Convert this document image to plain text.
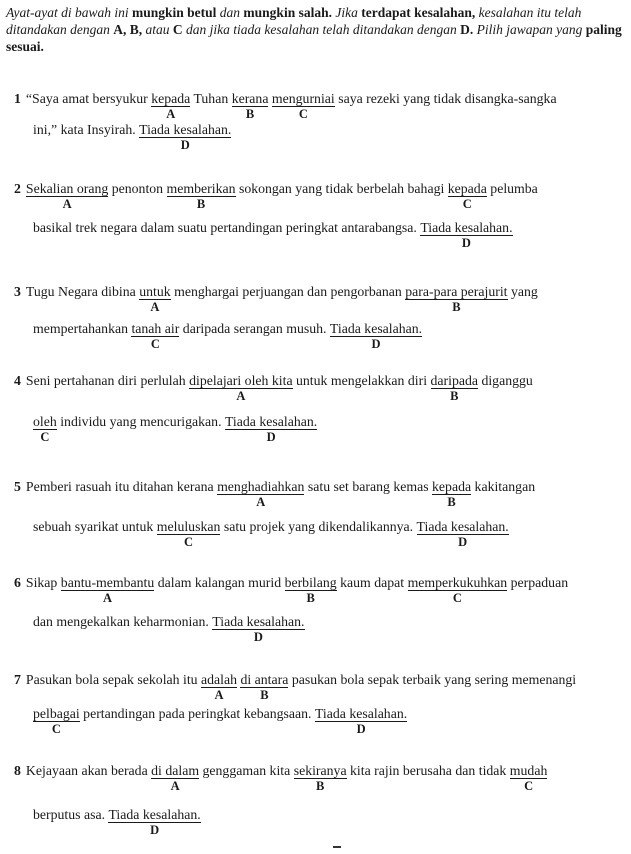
Ayat-ayat di bawah ini mungkin betul dan mungkin salah. Jika terdapat kesalahan, kesalahan itu telah ditandakan dengan A, B, atau C dan jika tiada kesalahan telah ditandakan dengan D. Pilih jawapan yang paling sesuai.
1 “Saya amat bersyukur kepada
A
Tuhan kerana
B
mengurniai
C
saya rezeki yang tidak disangka-sangka
ini,” kata Insyirah. Tiada kesalahan.
D
2 Sekalian orang
A
penonton memberikan
B
sokongan yang tidak berbelah bahagi kepada
C
pelumba
basikal trek negara dalam suatu pertandingan peringkat antarabangsa. Tiada kesalahan.
D
3 Tugu Negara dibina untuk
A
menghargai perjuangan dan pengorbanan para-para perajurit
B
yang
mempertahankan tanah air
C
daripada serangan musuh. Tiada kesalahan.
D
4 Seni pertahanan diri perlulah dipelajari oleh kita
A
untuk mengelakkan diri daripada
B
diganggu
oleh
C
individu yang mencurigakan. Tiada kesalahan.
D
5 Pemberi rasuah itu ditahan kerana menghadiahkan
A
satu set barang kemas kepada
B
kakitangan
sebuah syarikat untuk meluluskan
C
satu projek yang dikendalikannya. Tiada kesalahan.
D
6 Sikap bantu-membantu
A
dalam kalangan murid berbilang
B
kaum dapat memperkukuhkan
C
perpaduan
dan mengekalkan keharmonian. Tiada kesalahan.
D
7 Pasukan bola sepak sekolah itu adalah
A
di antara
B
pasukan bola sepak terbaik yang sering memenangi
pelbagai
C
pertandingan pada peringkat kebangsaan. Tiada kesalahan.
D
8 Kejayaan akan berada di dalam
A
genggaman kita sekiranya
B
kita rajin berusaha dan tidak mudah
C
berputus asa. Tiada kesalahan.
D
